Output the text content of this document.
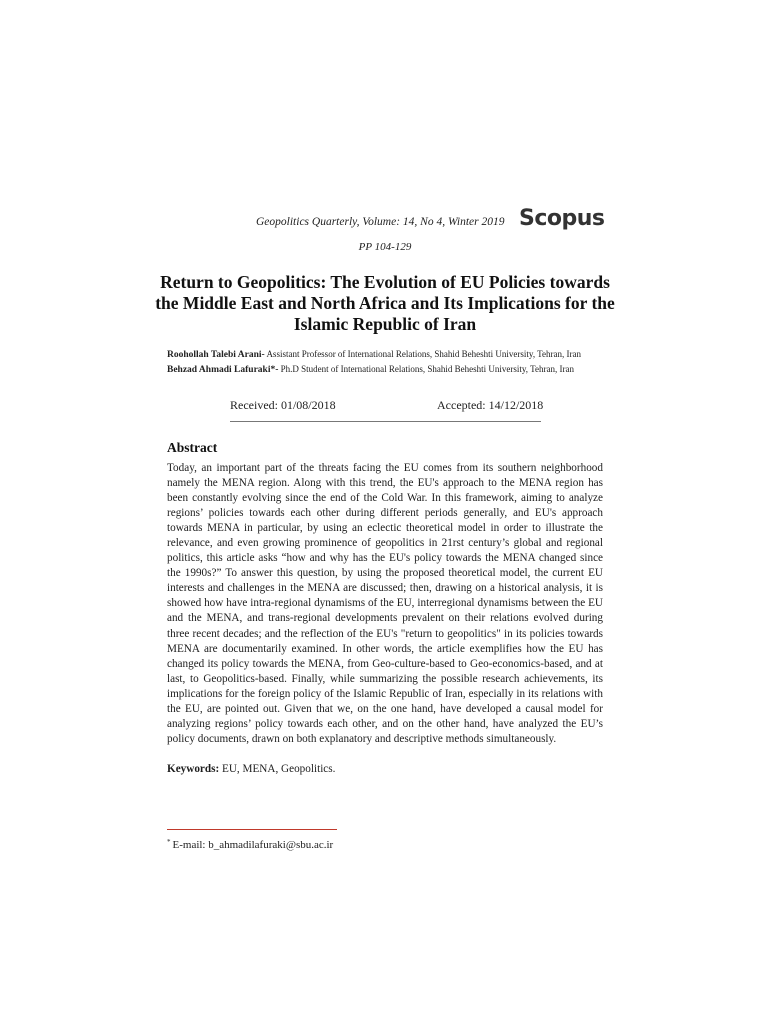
Geopolitics Quarterly, Volume: 14, No 4, Winter 2019 Scopus
PP 104-129
Return to Geopolitics: The Evolution of EU Policies towards the Middle East and North Africa and Its Implications for the Islamic Republic of Iran
Roohollah Talebi Arani- Assistant Professor of International Relations, Shahid Beheshti University, Tehran, Iran
Behzad Ahmadi Lafuraki*- Ph.D Student of International Relations, Shahid Beheshti University, Tehran, Iran
Received: 01/08/2018	Accepted: 14/12/2018
Abstract
Today, an important part of the threats facing the EU comes from its southern neighborhood namely the MENA region. Along with this trend, the EU's approach to the MENA region has been constantly evolving since the end of the Cold War. In this framework, aiming to analyze regions’ policies towards each other during different periods generally, and EU's approach towards MENA in particular, by using an eclectic theoretical model in order to illustrate the relevance, and even growing prominence of geopolitics in 21rst century’s global and regional politics, this article asks “how and why has the EU's policy towards the MENA changed since the 1990s?” To answer this question, by using the proposed theoretical model, the current EU interests and challenges in the MENA are discussed; then, drawing on a historical analysis, it is showed how have intra-regional dynamisms of the EU, interregional dynamisms between the EU and the MENA, and trans-regional developments prevalent on their relations evolved during three recent decades; and the reflection of the EU's "return to geopolitics" in its policies towards MENA are documentarily examined. In other words, the article exemplifies how the EU has changed its policy towards the MENA, from Geo-culture-based to Geo-economics-based, and at last, to Geopolitics-based. Finally, while summarizing the possible research achievements, its implications for the foreign policy of the Islamic Republic of Iran, especially in its relations with the EU, are pointed out. Given that we, on the one hand, have developed a causal model for analyzing regions’ policy towards each other, and on the other hand, have analyzed the EU’s policy documents, drawn on both explanatory and descriptive methods simultaneously.
Keywords: EU, MENA, Geopolitics.
* E-mail: b_ahmadilafuraki@sbu.ac.ir
